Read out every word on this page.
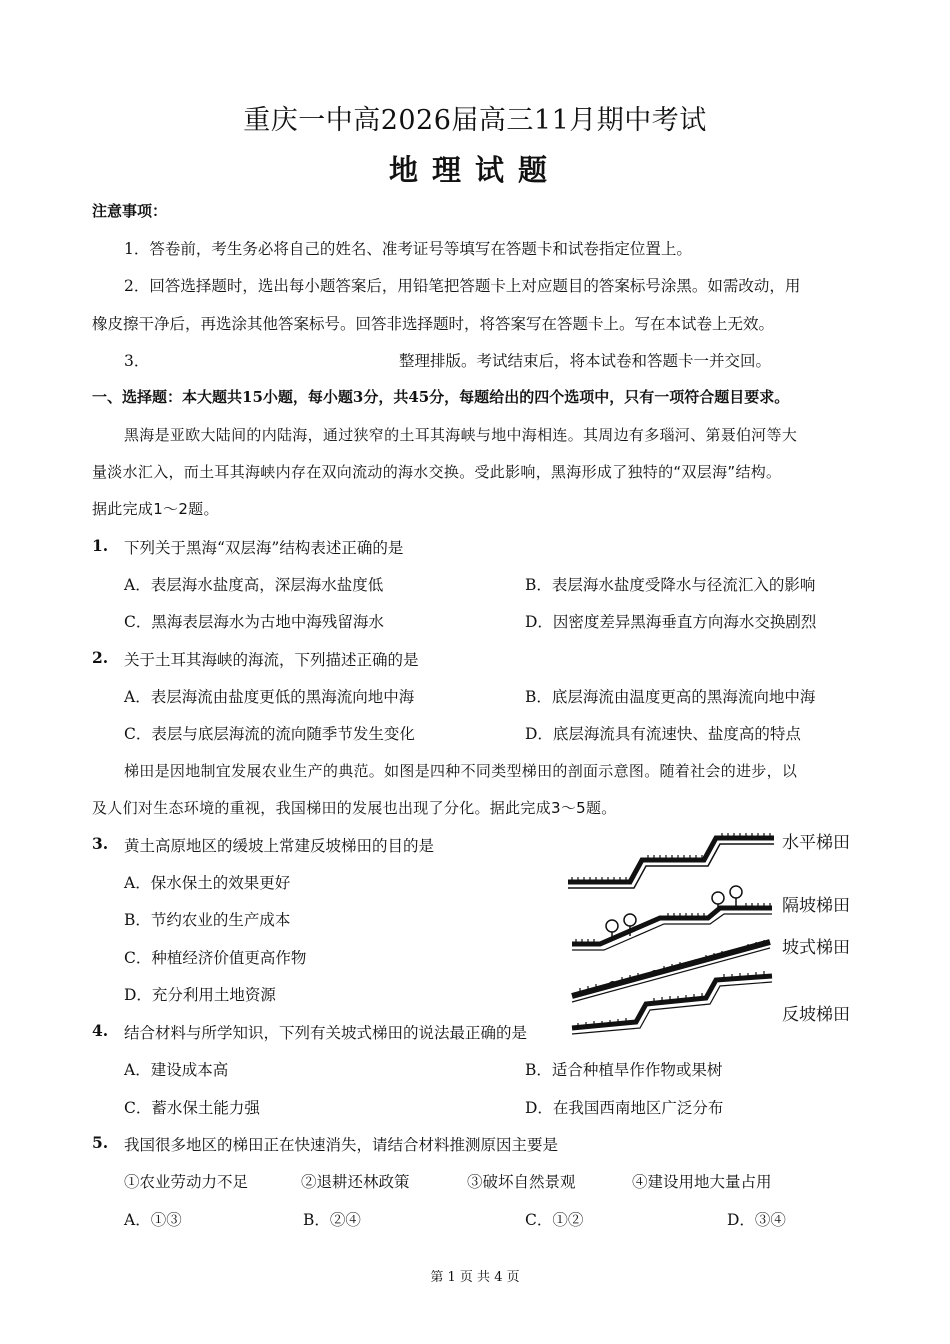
重庆一中高2026届高三11月期中考试
地理试题
注意事项：
1．答卷前，考生务必将自己的姓名、准考证号等填写在答题卡和试卷指定位置上。
2．回答选择题时，选出每小题答案后，用铅笔把答题卡上对应题目的答案标号涂黑。如需改动，用
橡皮擦干净后，再选涂其他答案标号。回答非选择题时，将答案写在答题卡上。写在本试卷上无效。
3．	整理排版。考试结束后，将本试卷和答题卡一并交回。
一、选择题：本大题共15小题，每小题3分，共45分，每题给出的四个选项中，只有一项符合题目要求。
黑海是亚欧大陆间的内陆海，通过狭窄的土耳其海峡与地中海相连。其周边有多瑙河、第聂伯河等大
量淡水汇入，而土耳其海峡内存在双向流动的海水交换。受此影响，黑海形成了独特的“双层海”结构。
据此完成1～2题。
1. 下列关于黑海“双层海”结构表述正确的是
A．表层海水盐度高，深层海水盐度低	B．表层海水盐度受降水与径流汇入的影响
C．黑海表层海水为古地中海残留海水	D．因密度差异黑海垂直方向海水交换剧烈
2. 关于土耳其海峡的海流，下列描述正确的是
A．表层海流由盐度更低的黑海流向地中海	B．底层海流由温度更高的黑海流向地中海
C．表层与底层海流的流向随季节发生变化	D．底层海流具有流速快、盐度高的特点
梯田是因地制宜发展农业生产的典范。如图是四种不同类型梯田的剖面示意图。随着社会的进步，以
及人们对生态环境的重视，我国梯田的发展也出现了分化。据此完成3～5题。
3. 黄土高原地区的缓坡上常建反坡梯田的目的是
A．保水保土的效果更好
B．节约农业的生产成本
C．种植经济价值更高作物
D．充分利用土地资源
水平梯田
隔坡梯田
坡式梯田
反坡梯田
4. 结合材料与所学知识，下列有关坡式梯田的说法最正确的是
A．建设成本高	B．适合种植旱作作物或果树
C．蓄水保土能力强	D．在我国西南地区广泛分布
5. 我国很多地区的梯田正在快速消失，请结合材料推测原因主要是
①农业劳动力不足	②退耕还林政策	③破坏自然景观	④建设用地大量占用
A．①③	B．②④	C．①②	D．③④
第 1 页 共 4 页
